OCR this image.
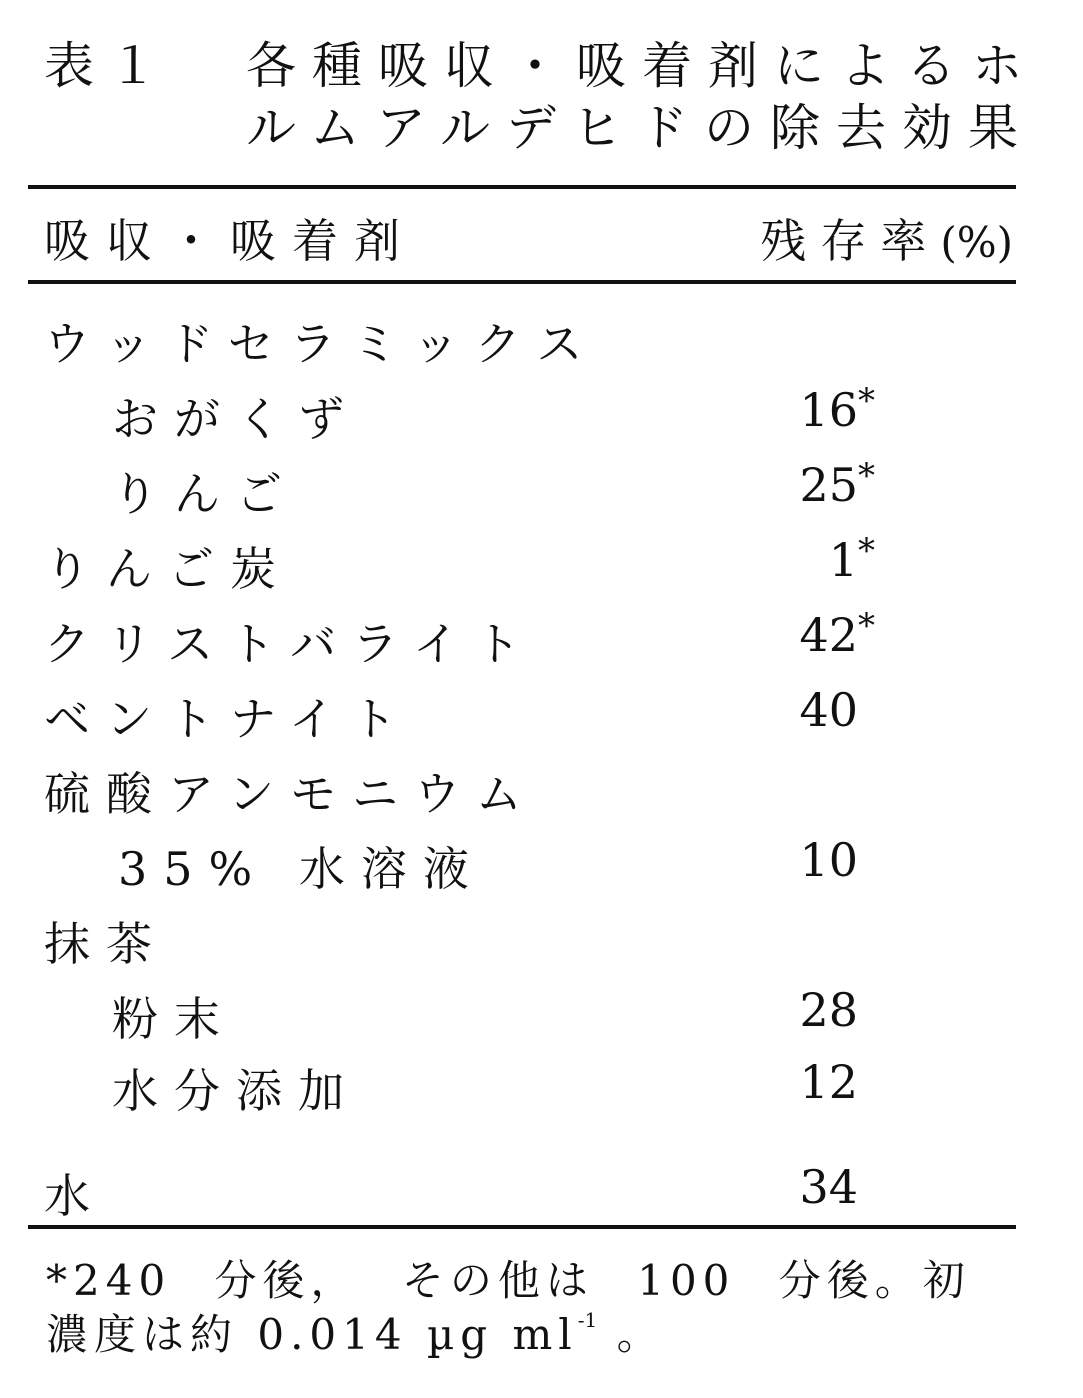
表１ 各種吸収・吸着剤によるホ
ルムアルデヒドの除去効果
吸収・吸着剤	残存率(%)
ウッドセラミックス
おがくず	16 *
りんご	25 *
りんご炭	1 *
クリストバライト	42 *
ベントナイト	40
硫酸アンモニウム
35% 水溶液	10
抹茶
粉末	28
水分添加	12
水	34
*240 分後， その他は 100 分後。初
濃度は約 0.014 µg $ml^{-1}$ 。
